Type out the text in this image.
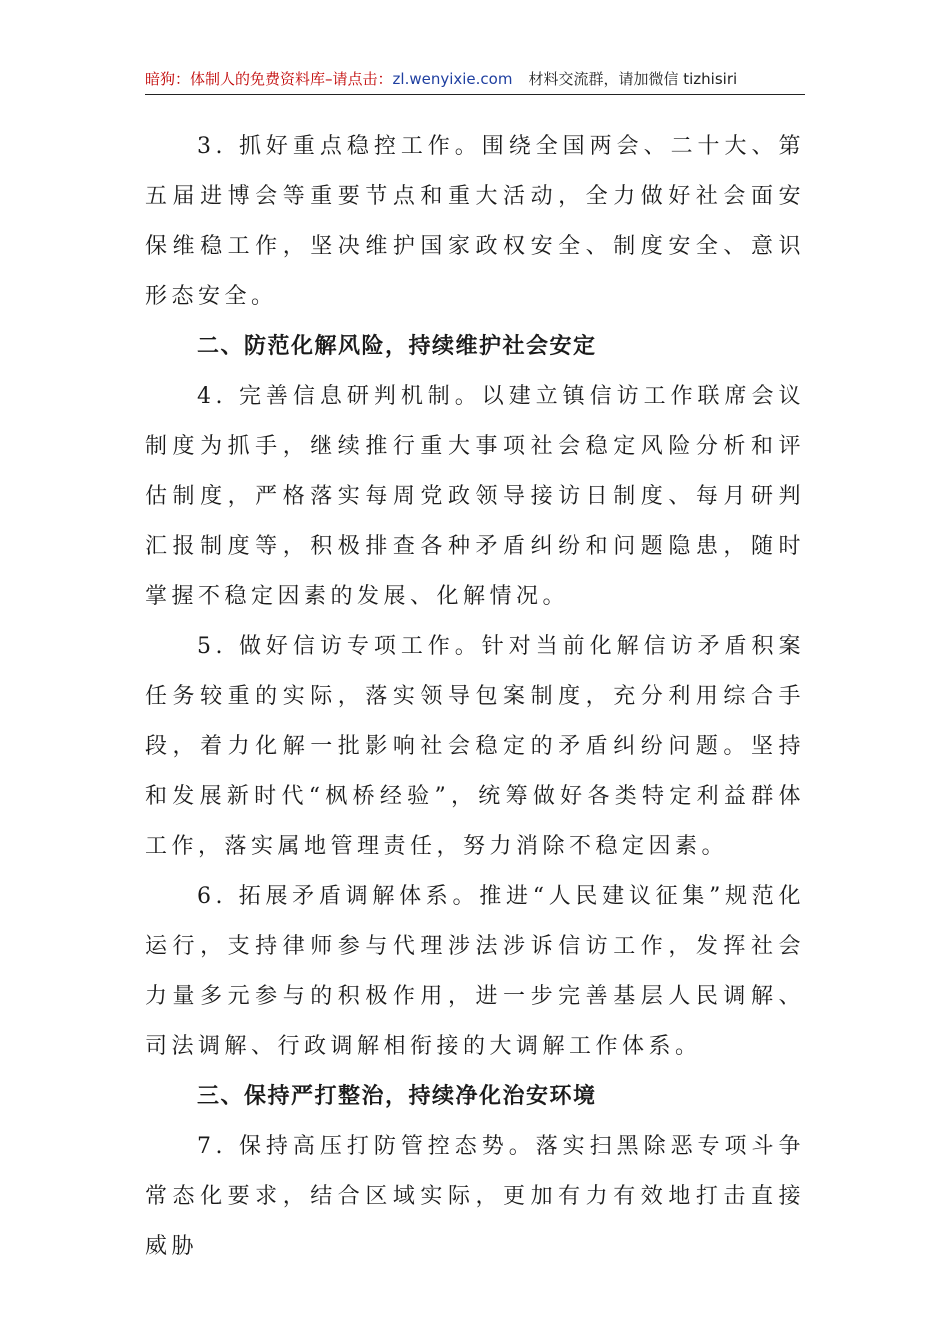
暗狗：体制人的免费资料库–请点击：zl.wenyixie.com 材料交流群，请加微信 tizhisiri

3. 抓好重点稳控工作。围绕全国两会、二十大、第五届进博会等重要节点和重大活动，全力做好社会面安保维稳工作，坚决维护国家政权安全、制度安全、意识形态安全。

二、防范化解风险，持续维护社会安定

4. 完善信息研判机制。以建立镇信访工作联席会议制度为抓手，继续推行重大事项社会稳定风险分析和评估制度，严格落实每周党政领导接访日制度、每月研判汇报制度等，积极排查各种矛盾纠纷和问题隐患，随时掌握不稳定因素的发展、化解情况。

5. 做好信访专项工作。针对当前化解信访矛盾积案任务较重的实际，落实领导包案制度，充分利用综合手段，着力化解一批影响社会稳定的矛盾纠纷问题。坚持和发展新时代“枫桥经验”，统筹做好各类特定利益群体工作，落实属地管理责任，努力消除不稳定因素。

6. 拓展矛盾调解体系。推进“人民建议征集”规范化运行，支持律师参与代理涉法涉诉信访工作，发挥社会力量多元参与的积极作用，进一步完善基层人民调解、司法调解、行政调解相衔接的大调解工作体系。

三、保持严打整治，持续净化治安环境

7. 保持高压打防管控态势。落实扫黑除恶专项斗争常态化要求，结合区域实际，更加有力有效地打击直接威胁
